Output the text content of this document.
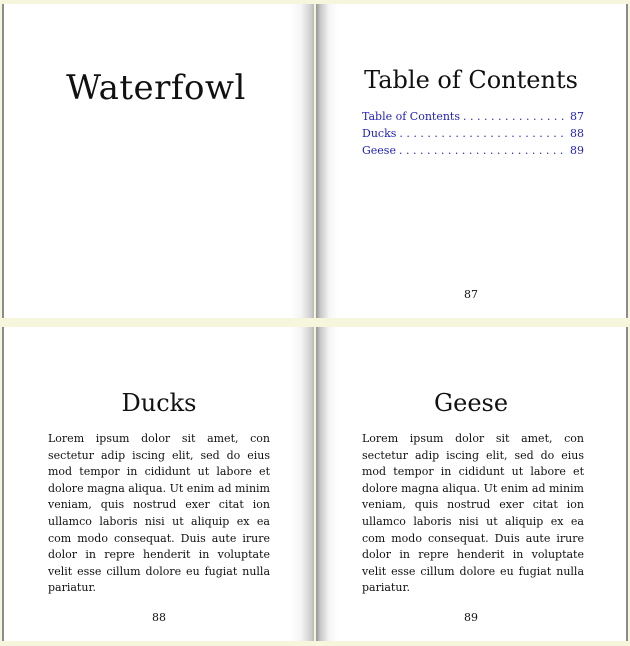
Waterfowl	Table of Contents
Table of Contents . . .	87
Ducks . . .	88
Geese . . .	89
87
Ducks
Lorem ipsum dolor sit amet, con sectetur adip iscing elit, sed do eius mod tempor in cididunt ut labore et dolore magna aliqua. Ut enim ad minim veniam, quis nostrud exer citat ion ullamco laboris nisi ut aliquip ex ea com modo consequat. Duis aute irure dolor in repre henderit in voluptate velit esse cillum dolore eu fugiat nulla pariatur.
88
Geese
Lorem ipsum dolor sit amet, con sectetur adip iscing elit, sed do eius mod tempor in cididunt ut labore et dolore magna aliqua. Ut enim ad minim veniam, quis nostrud exer citat ion ullamco laboris nisi ut aliquip ex ea com modo consequat. Duis aute irure dolor in repre henderit in voluptate velit esse cillum dolore eu fugiat nulla pariatur.
89
